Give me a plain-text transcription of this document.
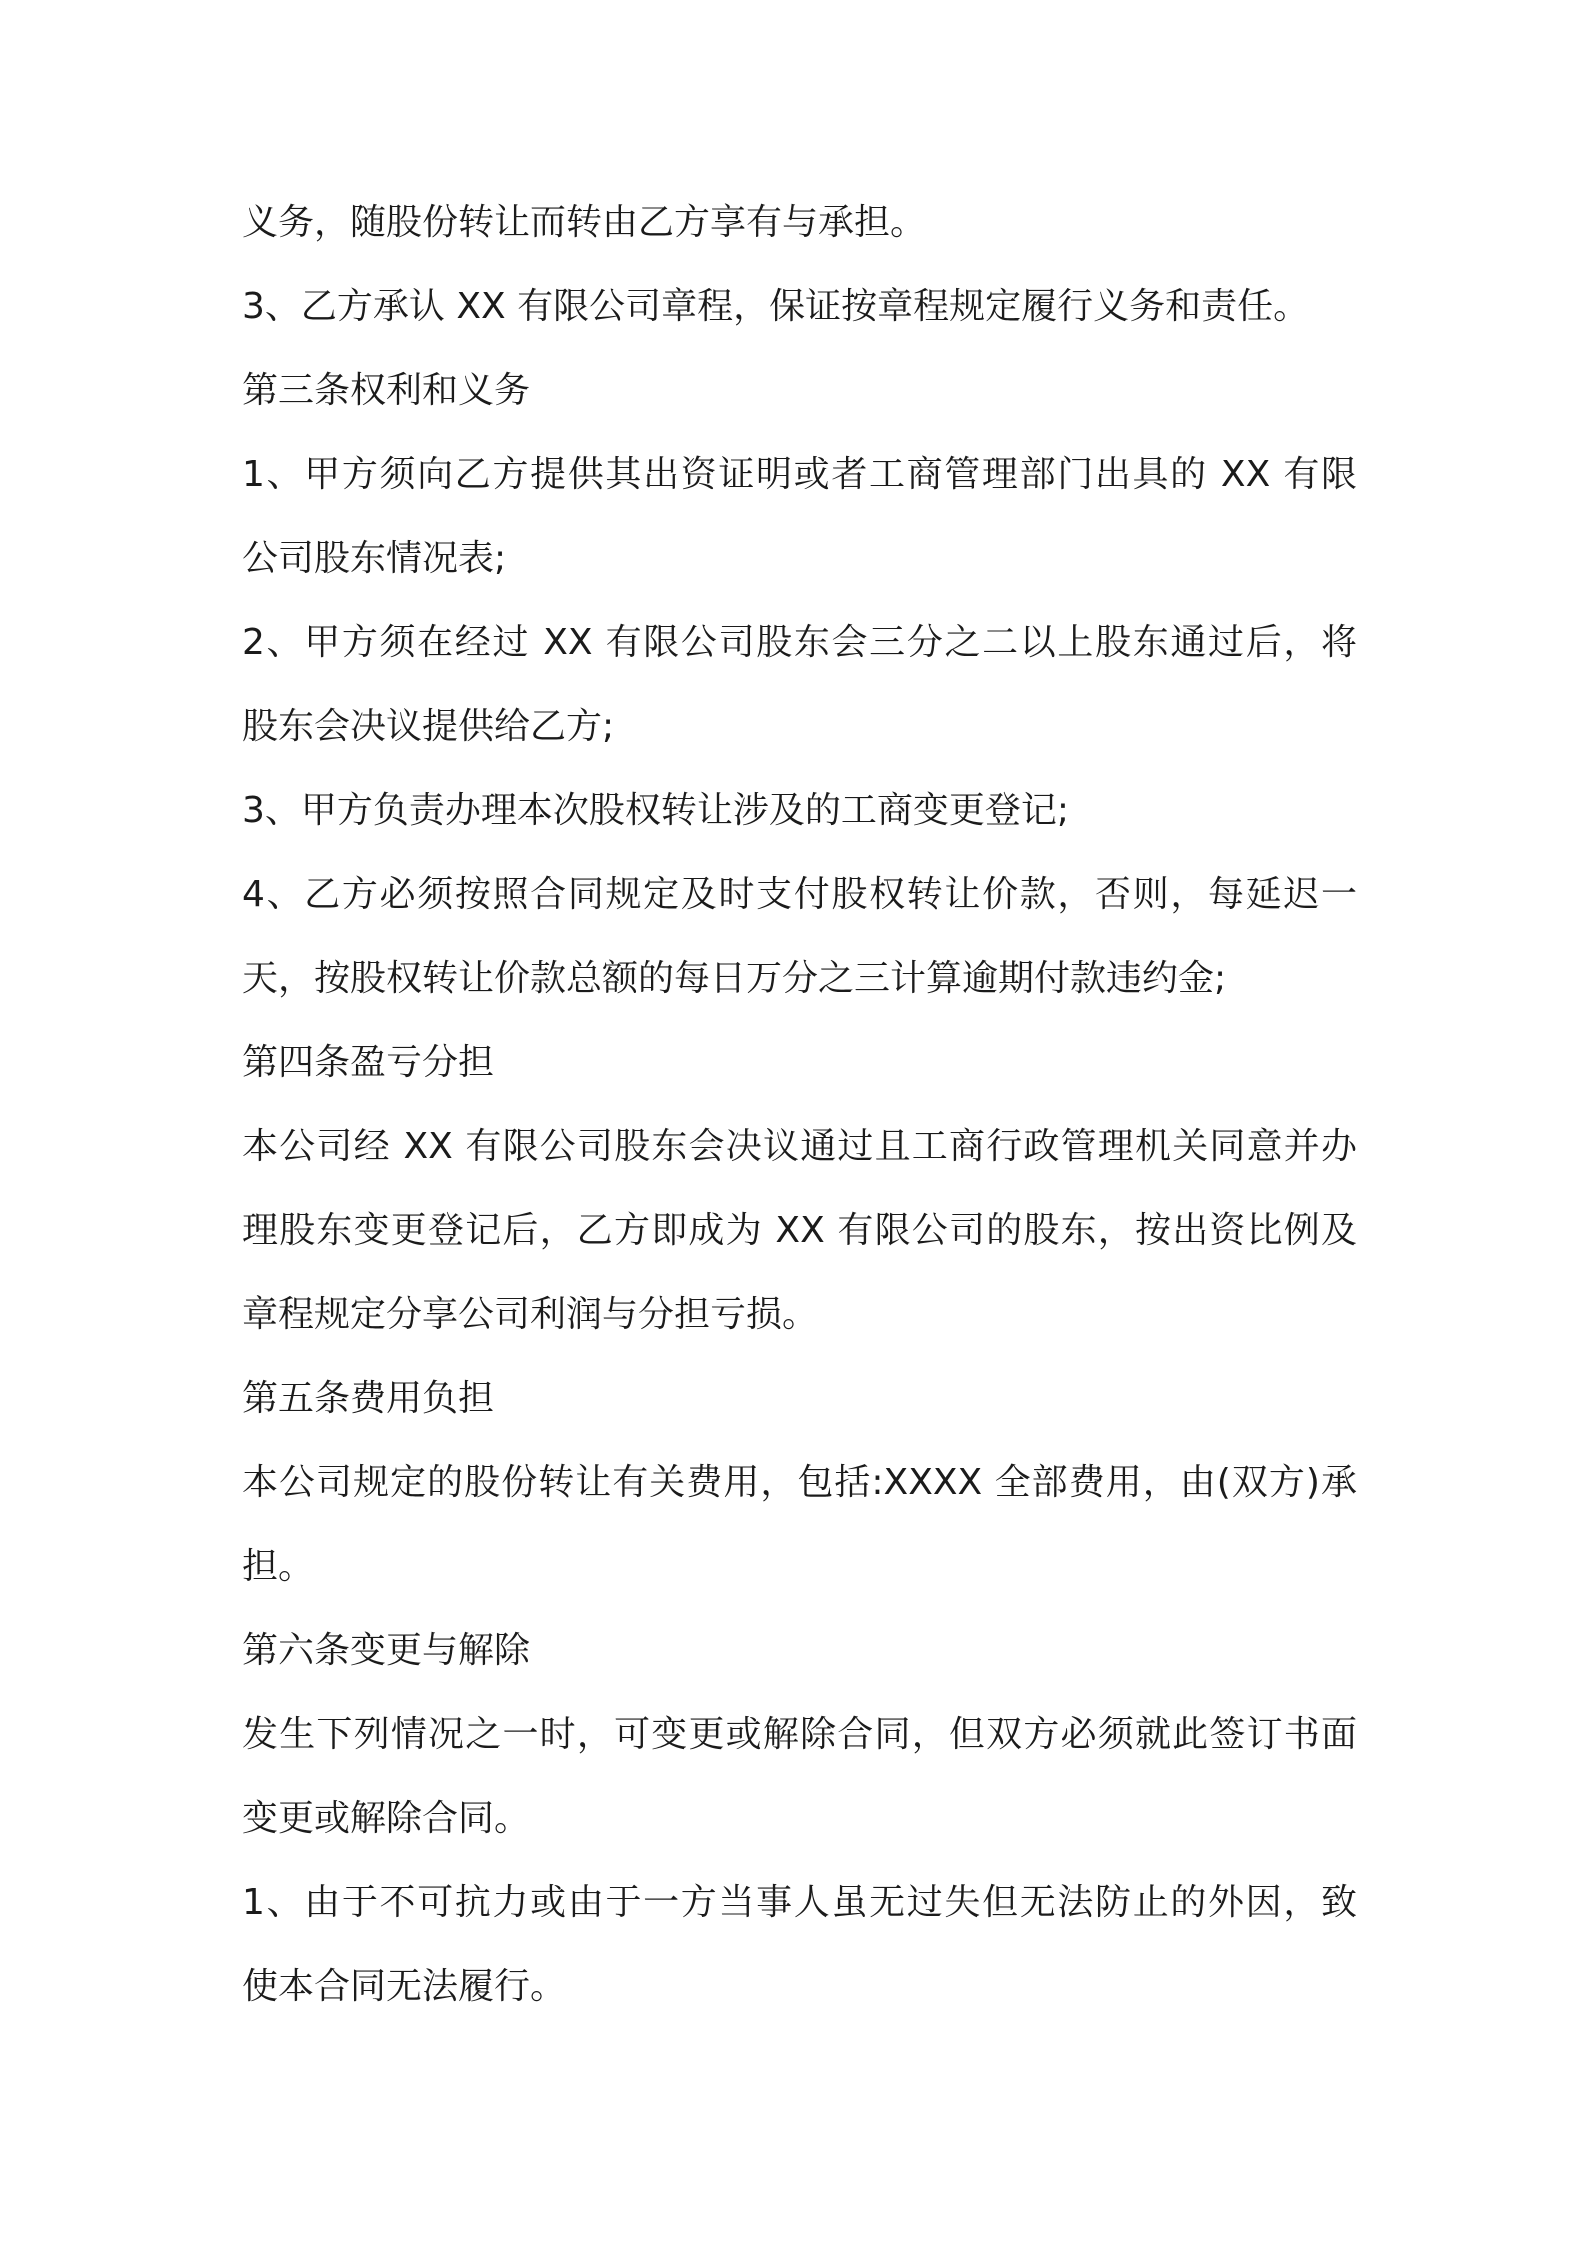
义务，随股份转让而转由乙方享有与承担。
3、乙方承认 XX 有限公司章程，保证按章程规定履行义务和责任。
第三条权利和义务
1、甲方须向乙方提供其出资证明或者工商管理部门出具的 XX 有限
公司股东情况表;
2、甲方须在经过 XX 有限公司股东会三分之二以上股东通过后，将
股东会决议提供给乙方;
3、甲方负责办理本次股权转让涉及的工商变更登记;
4、乙方必须按照合同规定及时支付股权转让价款，否则，每延迟一
天，按股权转让价款总额的每日万分之三计算逾期付款违约金;
第四条盈亏分担
本公司经 XX 有限公司股东会决议通过且工商行政管理机关同意并办
理股东变更登记后，乙方即成为 XX 有限公司的股东，按出资比例及
章程规定分享公司利润与分担亏损。
第五条费用负担
本公司规定的股份转让有关费用，包括:XXXX 全部费用，由(双方)承
担。
第六条变更与解除
发生下列情况之一时，可变更或解除合同，但双方必须就此签订书面
变更或解除合同。
1、由于不可抗力或由于一方当事人虽无过失但无法防止的外因，致
使本合同无法履行。
